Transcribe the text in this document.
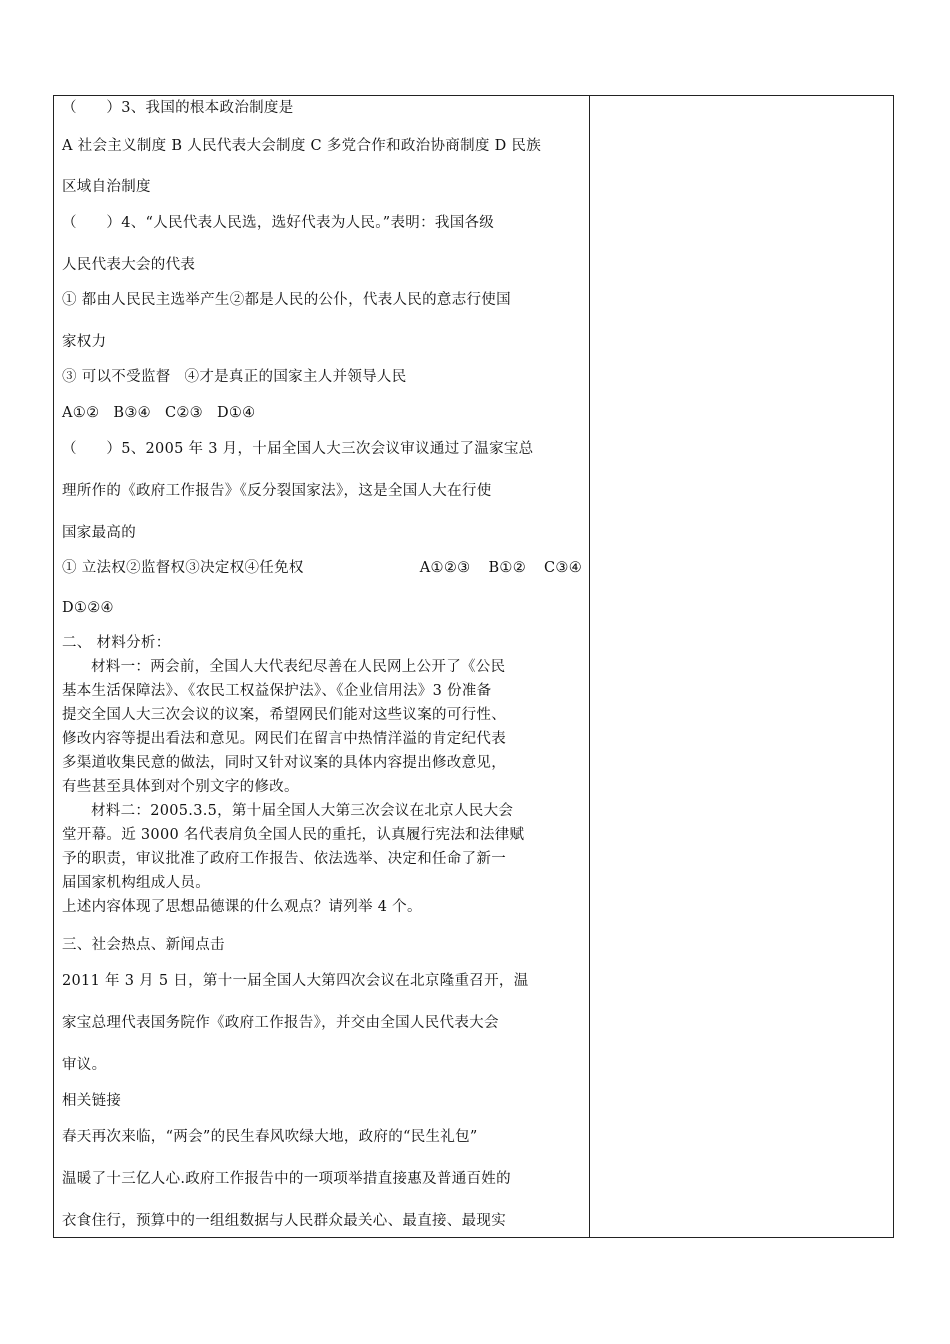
（　　）3、我国的根本政治制度是
A 社会主义制度 B 人民代表大会制度 C 多党合作和政治协商制度 D 民族
区域自治制度
（　　）4、“人民代表人民选，选好代表为人民。”表明：我国各级
人民代表大会的代表
① 都由人民民主选举产生②都是人民的公仆，代表人民的意志行使国
家权力
③ 可以不受监督 ④才是真正的国家主人并领导人民
A①② B③④ C②③ D①④
（　　）5、2005 年 3 月，十届全国人大三次会议审议通过了温家宝总
理所作的《政府工作报告》《反分裂国家法》，这是全国人大在行使
国家最高的
① 立法权②监督权③决定权④任免权	A①②③ B①② C③④
D①②④
二、 材料分析：
材料一：两会前，全国人大代表纪尽善在人民网上公开了《公民
基本生活保障法》、《农民工权益保护法》、《企业信用法》3 份准备
提交全国人大三次会议的议案，希望网民们能对这些议案的可行性、
修改内容等提出看法和意见。网民们在留言中热情洋溢的肯定纪代表
多渠道收集民意的做法，同时又针对议案的具体内容提出修改意见，
有些甚至具体到对个别文字的修改。
材料二：2005.3.5，第十届全国人大第三次会议在北京人民大会
堂开幕。近 3000 名代表肩负全国人民的重托，认真履行宪法和法律赋
予的职责，审议批准了政府工作报告、依法选举、决定和任命了新一
届国家机构组成人员。
上述内容体现了思想品德课的什么观点？请列举 4 个。
三、社会热点、新闻点击
2011 年 3 月 5 日，第十一届全国人大第四次会议在北京隆重召开，温
家宝总理代表国务院作《政府工作报告》，并交由全国人民代表大会
审议。
相关链接
春天再次来临，“两会”的民生春风吹绿大地，政府的“民生礼包”
温暖了十三亿人心.政府工作报告中的一项项举措直接惠及普通百姓的
衣食住行，预算中的一组组数据与人民群众最关心、最直接、最现实
